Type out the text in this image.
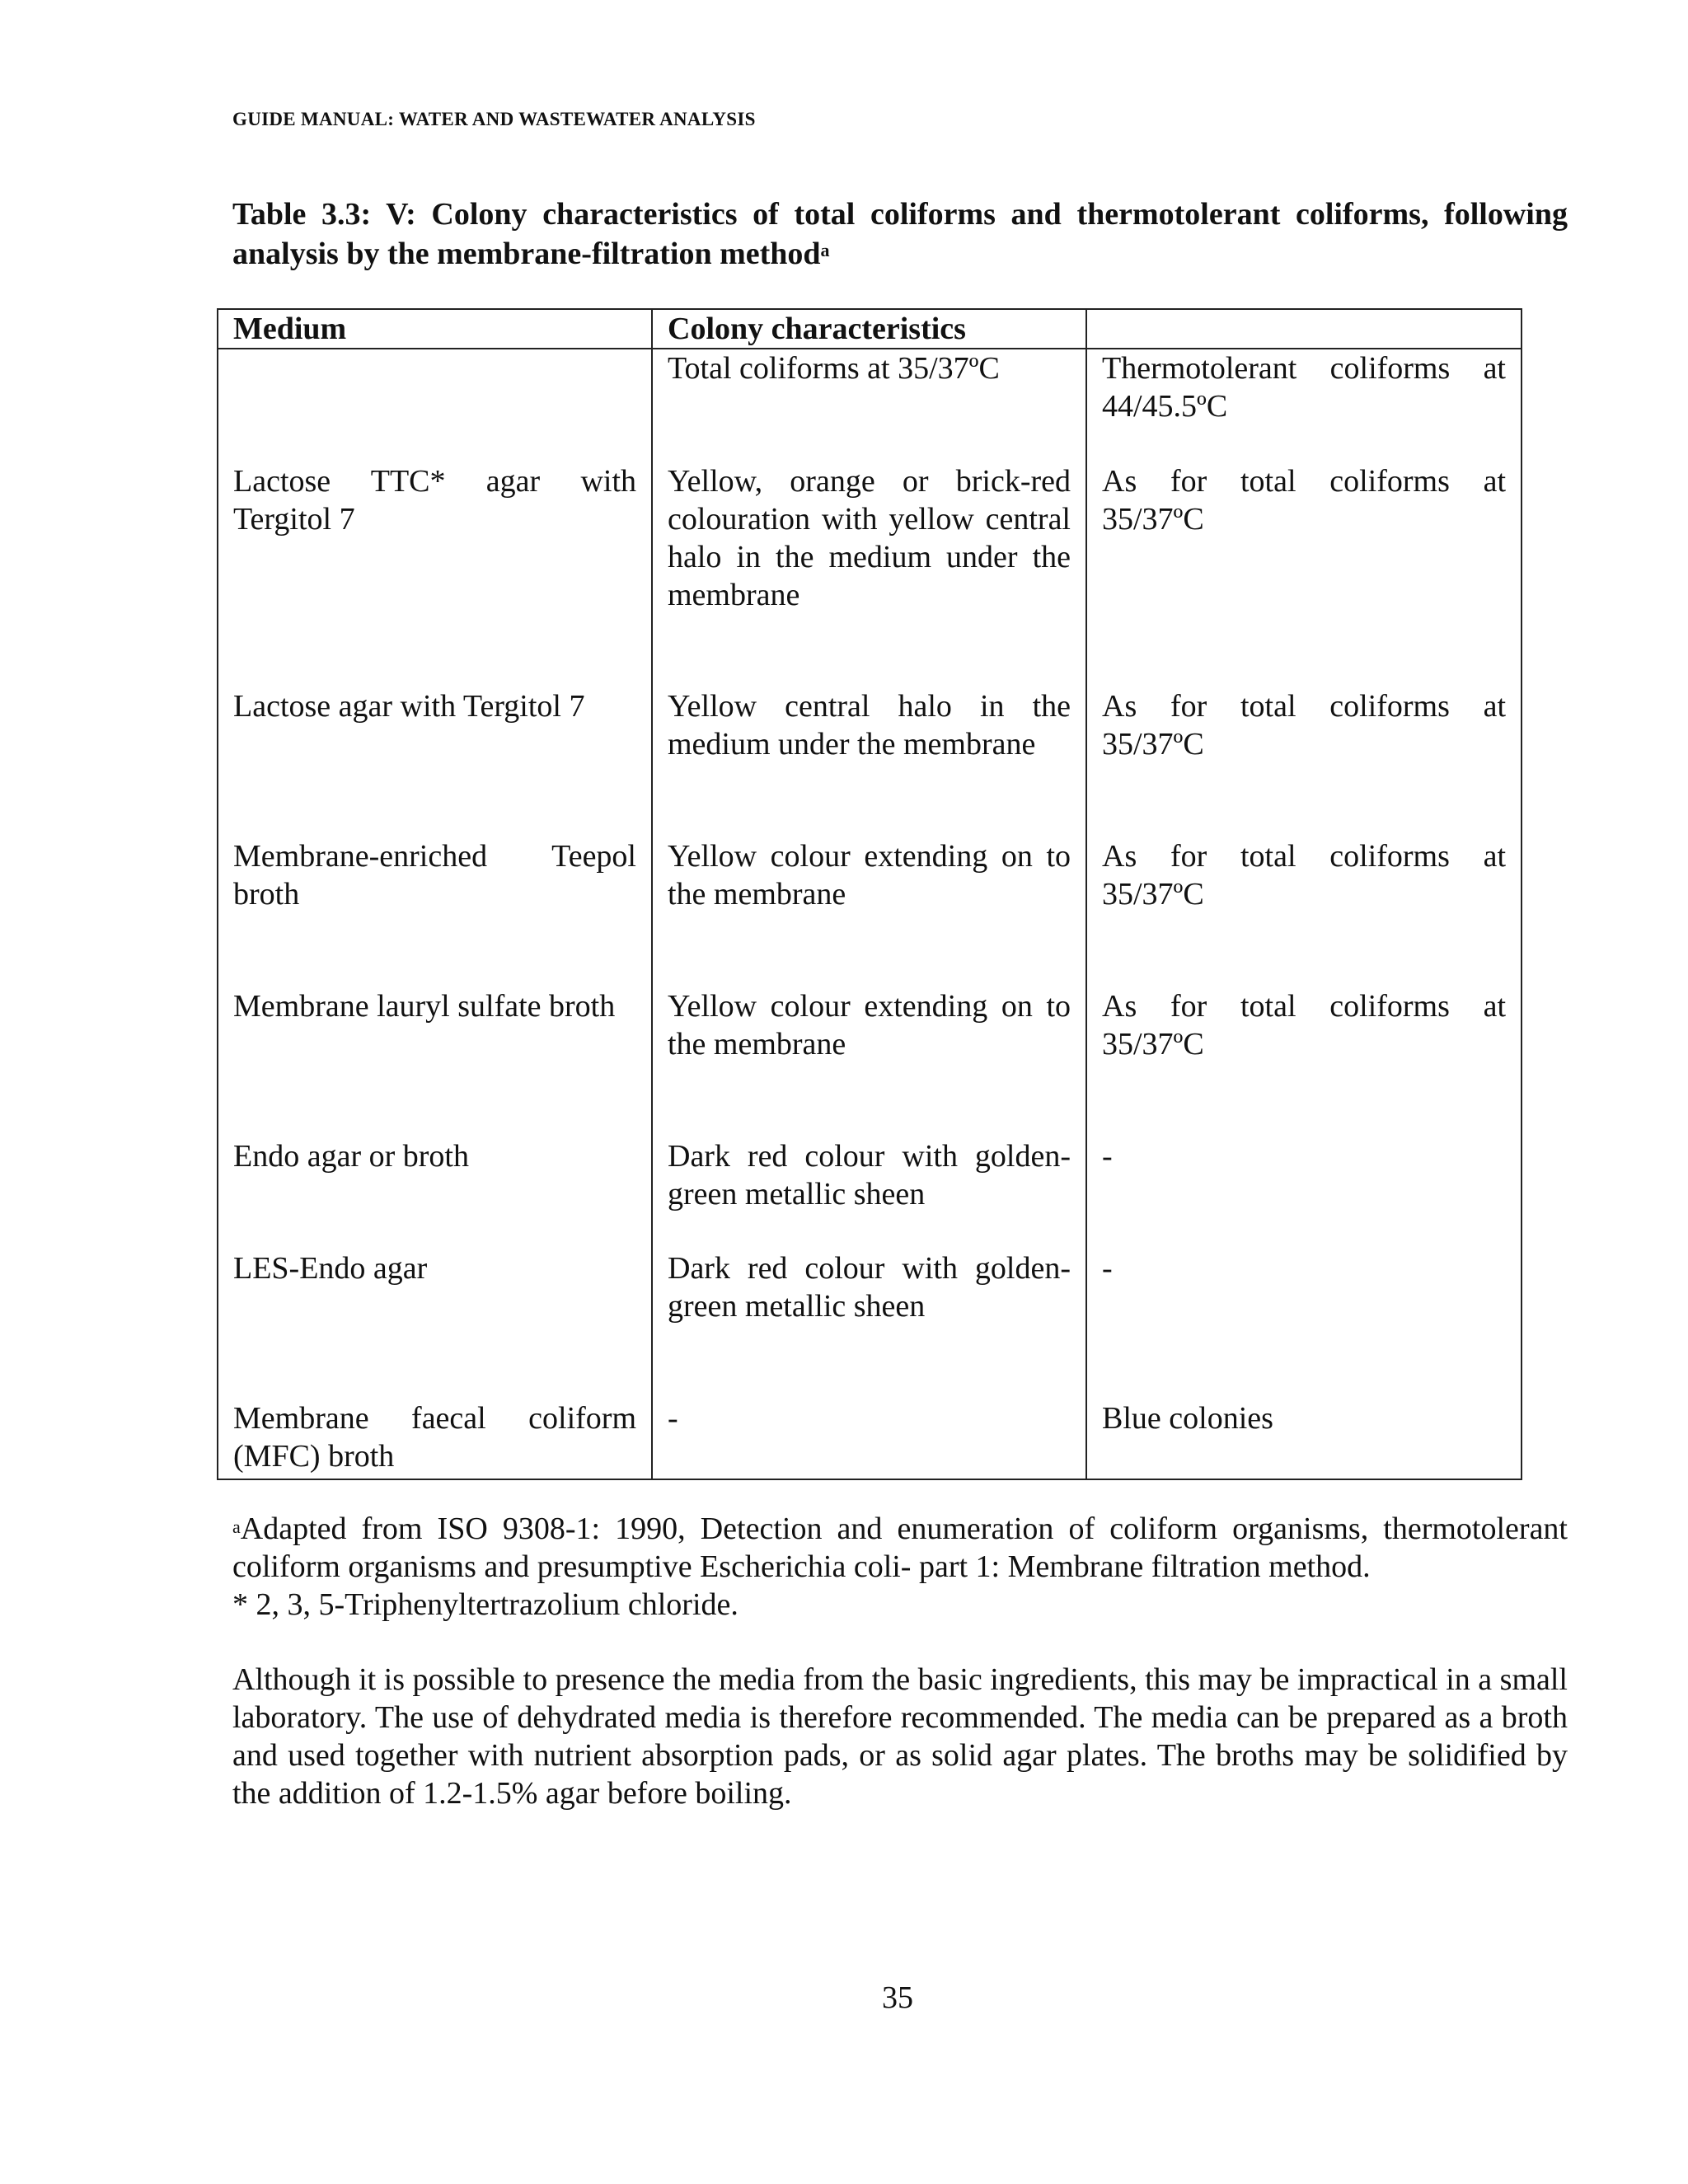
GUIDE MANUAL: WATER AND WASTEWATER ANALYSIS
Table 3.3: V: Colony characteristics of total coliforms and thermotolerant coliforms, following analysis by the membrane-filtration method$^a$
Medium	Colony characteristics	
	Total coliforms at 35/37ºC	Thermotolerant coliforms at 44/45.5ºC
Lactose TTC* agar with Tergitol 7	Yellow, orange or brick-red colouration with yellow central halo in the medium under the membrane	As for total coliforms at 35/37ºC
Lactose agar with Tergitol 7	Yellow central halo in the medium under the membrane	As for total coliforms at 35/37ºC
Membrane-enriched Teepol broth	Yellow colour extending on to the membrane	As for total coliforms at 35/37ºC
Membrane lauryl sulfate broth	Yellow colour extending on to the membrane	As for total coliforms at 35/37ºC
Endo agar or broth	Dark red colour with golden-green metallic sheen	-
LES-Endo agar	Dark red colour with golden-green metallic sheen	-
Membrane faecal coliform (MFC) broth	-	Blue colonies
$^a$Adapted from ISO 9308-1: 1990, Detection and enumeration of coliform organisms, thermotolerant coliform organisms and presumptive Escherichia coli- part 1: Membrane filtration method.
* 2, 3, 5-Triphenyltertrazolium chloride.
Although it is possible to presence the media from the basic ingredients, this may be impractical in a small laboratory. The use of dehydrated media is therefore recommended. The media can be prepared as a broth and used together with nutrient absorption pads, or as solid agar plates. The broths may be solidified by the addition of 1.2-1.5% agar before boiling.
35
